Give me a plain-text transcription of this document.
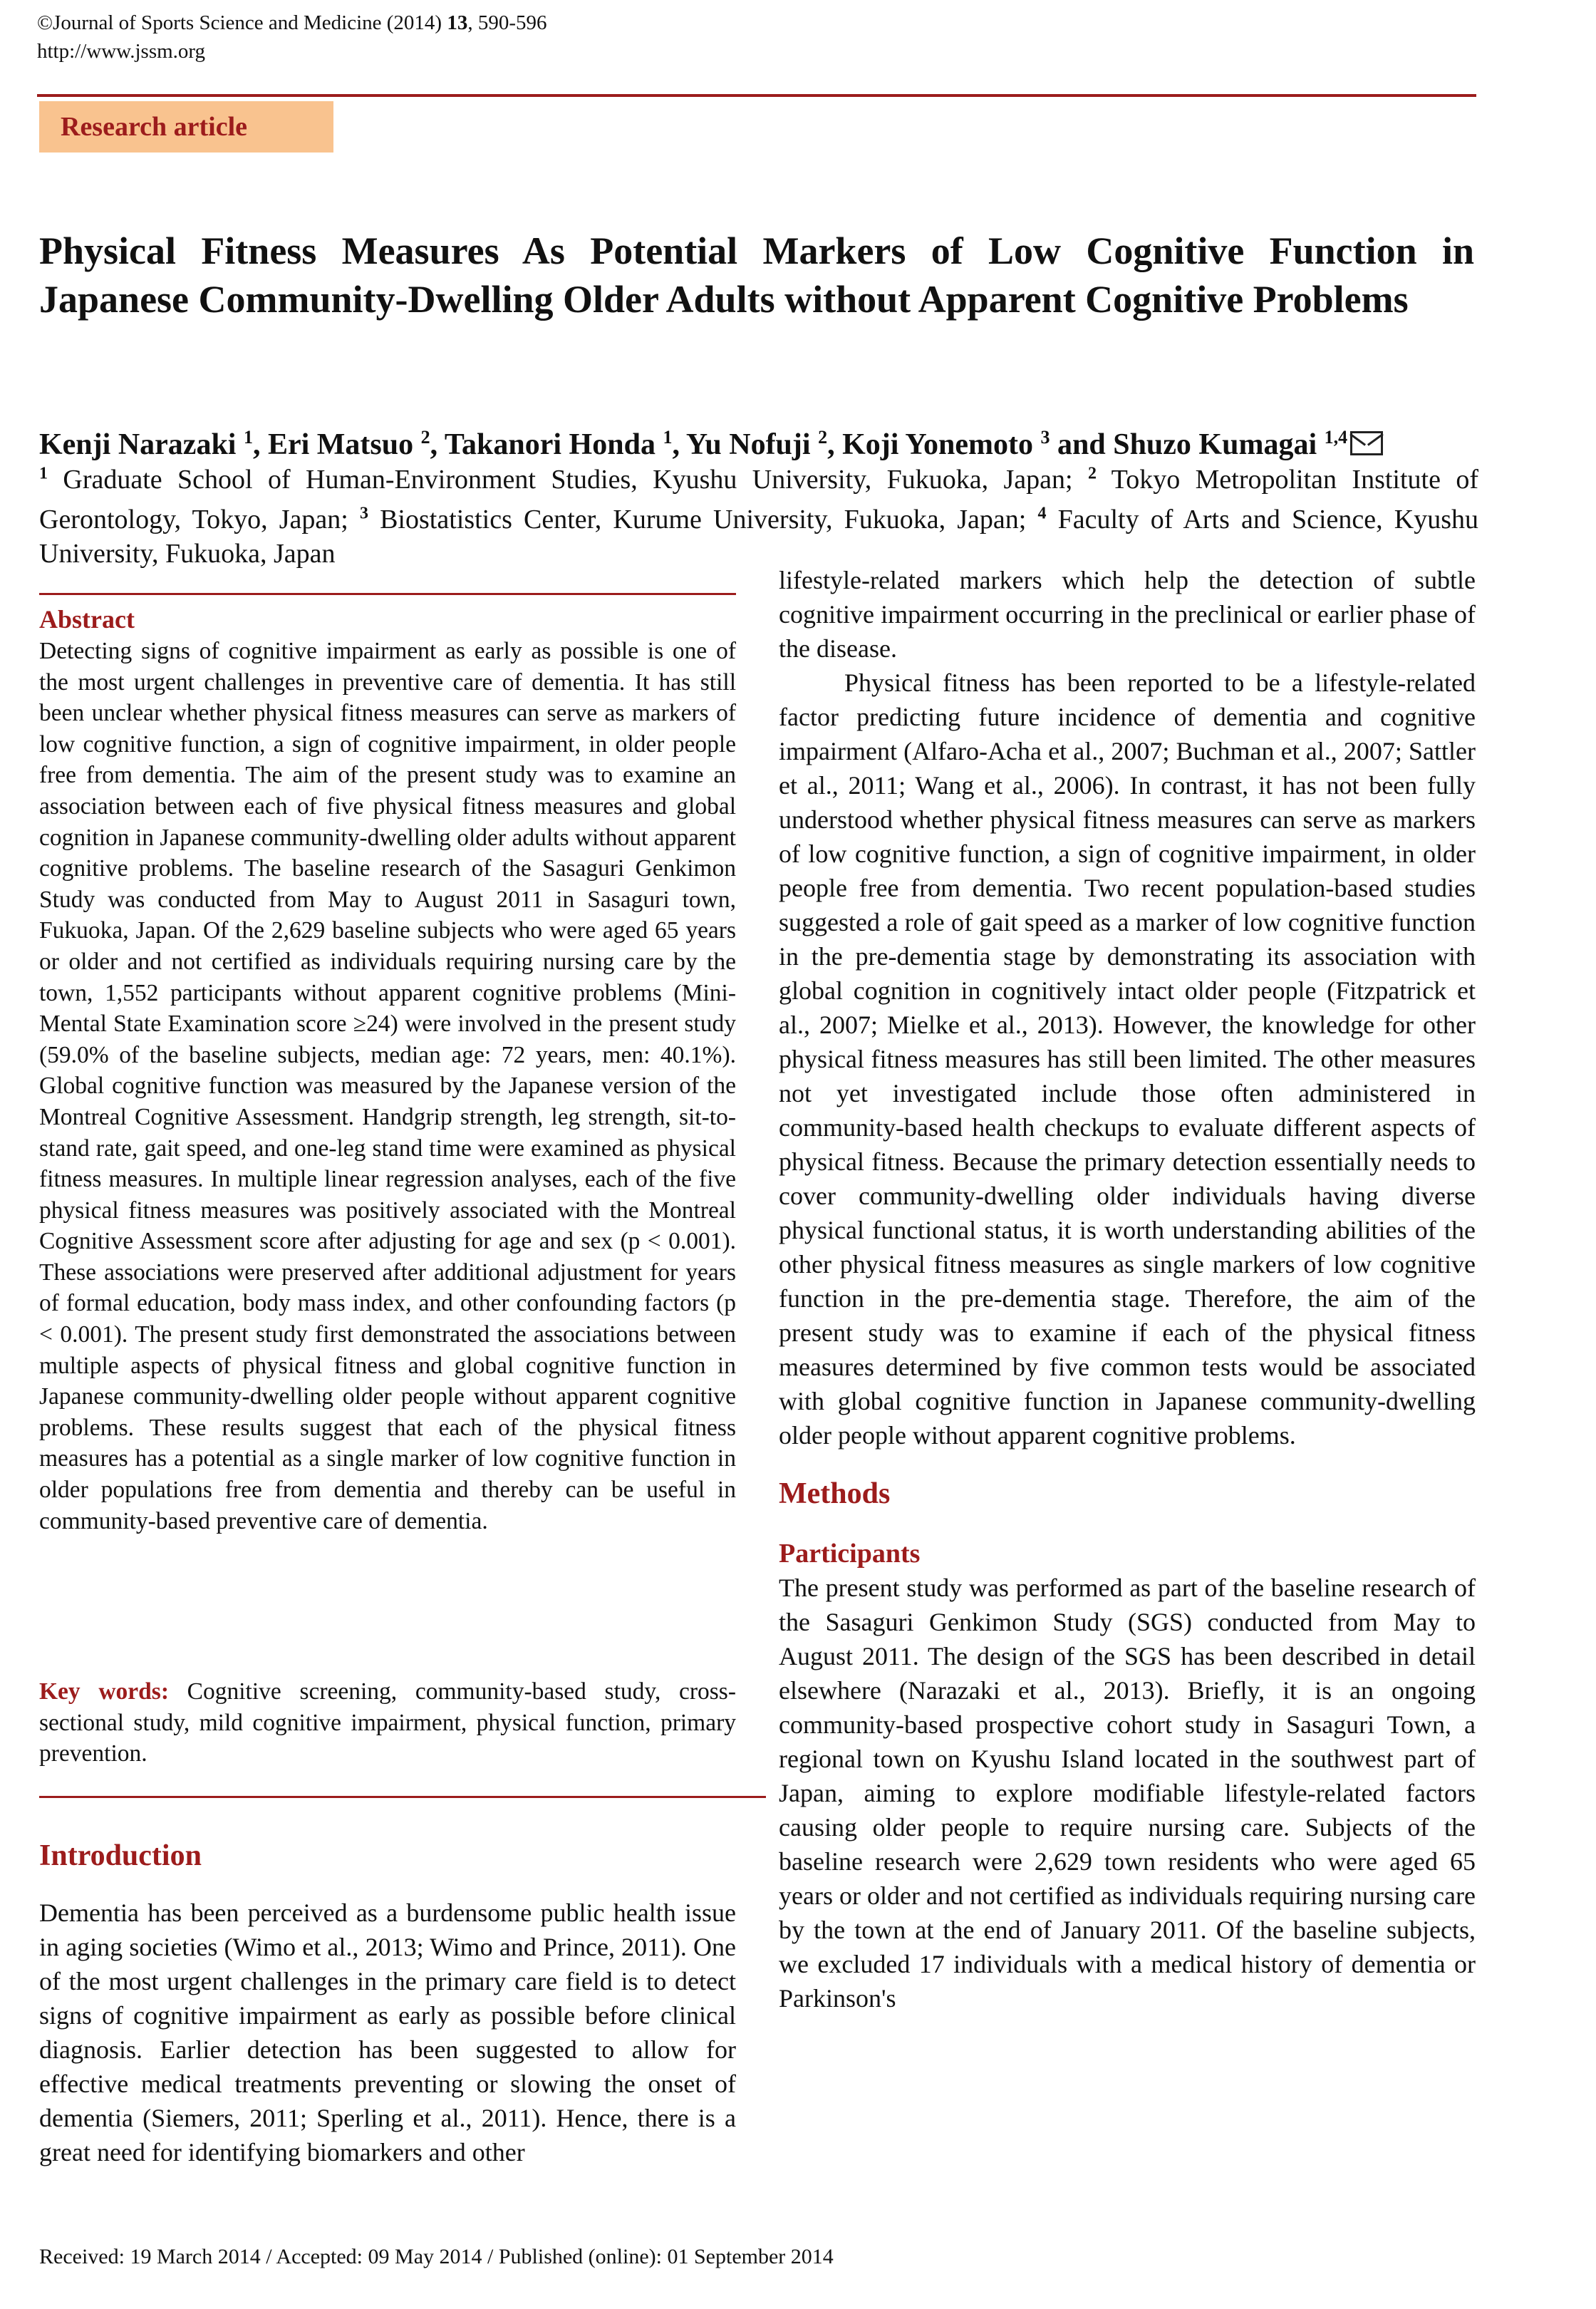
©Journal of Sports Science and Medicine (2014) 13, 590-596
http://www.jssm.org
Research article
Physical Fitness Measures As Potential Markers of Low Cognitive Function in Japanese Community-Dwelling Older Adults without Apparent Cognitive Problems
Kenji Narazaki $^1$, Eri Matsuo $^2$, Takanori Honda $^1$, Yu Nofuji $^2$, Koji Yonemoto $^3$ and Shuzo Kumagai $^{1,4}$
$^1$ Graduate School of Human-Environment Studies, Kyushu University, Fukuoka, Japan; $^2$ Tokyo Metropolitan Institute of Gerontology, Tokyo, Japan; $^3$ Biostatistics Center, Kurume University, Fukuoka, Japan; $^4$ Faculty of Arts and Science, Kyushu University, Fukuoka, Japan
Abstract
Detecting signs of cognitive impairment as early as possible is one of the most urgent challenges in preventive care of dementia. It has still been unclear whether physical fitness measures can serve as markers of low cognitive function, a sign of cognitive impairment, in older people free from dementia. The aim of the present study was to examine an association between each of five physical fitness measures and global cognition in Japanese community-dwelling older adults without apparent cognitive problems. The baseline research of the Sasaguri Genkimon Study was conducted from May to August 2011 in Sasaguri town, Fukuoka, Japan. Of the 2,629 baseline subjects who were aged 65 years or older and not certified as individuals requiring nursing care by the town, 1,552 participants without apparent cognitive problems (Mini-Mental State Examination score ≥24) were involved in the present study (59.0% of the baseline subjects, median age: 72 years, men: 40.1%). Global cognitive function was measured by the Japanese version of the Montreal Cognitive Assessment. Handgrip strength, leg strength, sit-to-stand rate, gait speed, and one-leg stand time were examined as physical fitness measures. In multiple linear regression analyses, each of the five physical fitness measures was positively associated with the Montreal Cognitive Assessment score after adjusting for age and sex (p < 0.001). These associations were preserved after additional adjustment for years of formal education, body mass index, and other confounding factors (p < 0.001). The present study first demonstrated the associations between multiple aspects of physical fitness and global cognitive function in Japanese community-dwelling older people without apparent cognitive problems. These results suggest that each of the physical fitness measures has a potential as a single marker of low cognitive function in older populations free from dementia and thereby can be useful in community-based preventive care of dementia.
Key words: Cognitive screening, community-based study, cross-sectional study, mild cognitive impairment, physical function, primary prevention.
Introduction

Dementia has been perceived as a burdensome public health issue in aging societies (Wimo et al., 2013; Wimo and Prince, 2011). One of the most urgent challenges in the primary care field is to detect signs of cognitive impairment as early as possible before clinical diagnosis. Earlier detection has been suggested to allow for effective medical treatments preventing or slowing the onset of dementia (Siemers, 2011; Sperling et al., 2011). Hence, there is a great need for identifying biomarkers and other

lifestyle-related markers which help the detection of subtle cognitive impairment occurring in the preclinical or earlier phase of the disease.

Physical fitness has been reported to be a lifestyle-related factor predicting future incidence of dementia and cognitive impairment (Alfaro-Acha et al., 2007; Buchman et al., 2007; Sattler et al., 2011; Wang et al., 2006). In contrast, it has not been fully understood whether physical fitness measures can serve as markers of low cognitive function, a sign of cognitive impairment, in older people free from dementia. Two recent population-based studies suggested a role of gait speed as a marker of low cognitive function in the pre-dementia stage by demonstrating its association with global cognition in cognitively intact older people (Fitzpatrick et al., 2007; Mielke et al., 2013). However, the knowledge for other physical fitness measures has still been limited. The other measures not yet investigated include those often administered in community-based health checkups to evaluate different aspects of physical fitness. Because the primary detection essentially needs to cover community-dwelling older individuals having diverse physical functional status, it is worth understanding abilities of the other physical fitness measures as single markers of low cognitive function in the pre-dementia stage. Therefore, the aim of the present study was to examine if each of the physical fitness measures determined by five common tests would be associated with global cognitive function in Japanese community-dwelling older people without apparent cognitive problems.

Methods
Participants

The present study was performed as part of the baseline research of the Sasaguri Genkimon Study (SGS) conducted from May to August 2011. The design of the SGS has been described in detail elsewhere (Narazaki et al., 2013). Briefly, it is an ongoing community-based prospective cohort study in Sasaguri Town, a regional town on Kyushu Island located in the southwest part of Japan, aiming to explore modifiable lifestyle-related factors causing older people to require nursing care. Subjects of the baseline research were 2,629 town residents who were aged 65 years or older and not certified as individuals requiring nursing care by the town at the end of January 2011. Of the baseline subjects, we excluded 17 individuals with a medical history of dementia or Parkinson's

Received: 19 March 2014 / Accepted: 09 May 2014 / Published (online): 01 September 2014
